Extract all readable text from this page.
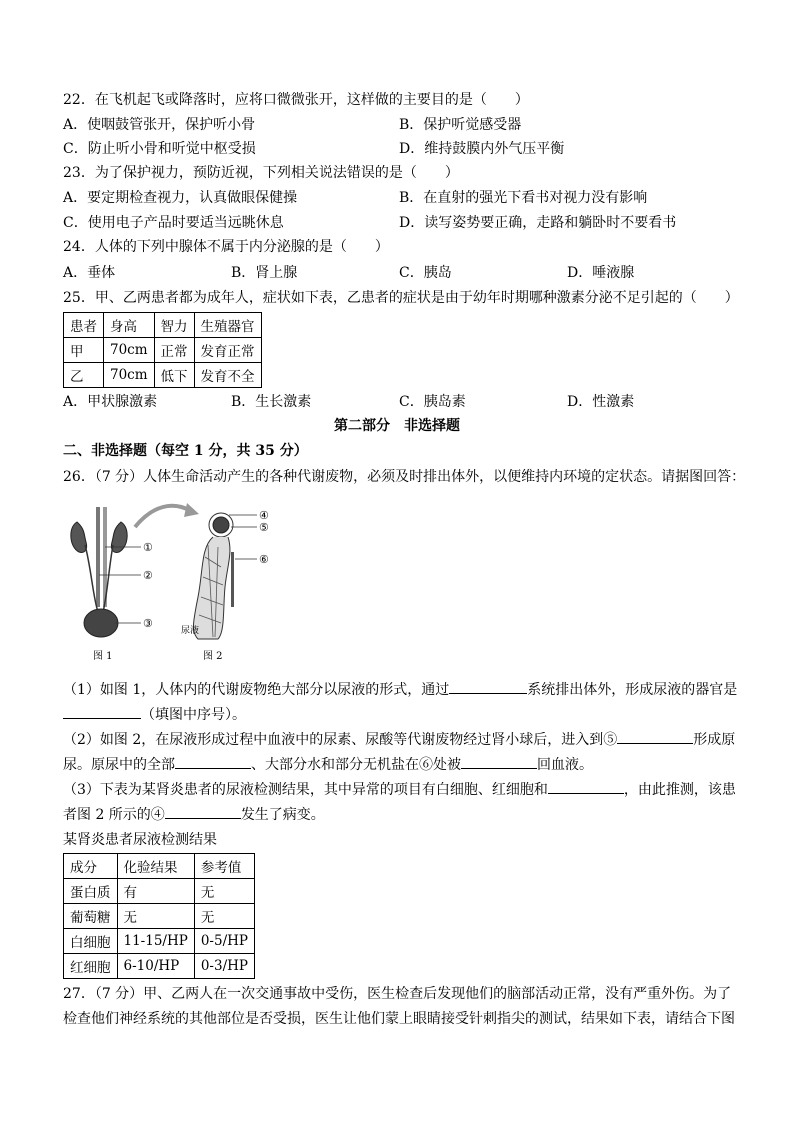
22．在飞机起飞或降落时，应将口微微张开，这样做的主要目的是（　　）
A．使咽鼓管张开，保护听小骨	B．保护听觉感受器
C．防止听小骨和听觉中枢受损	D．维持鼓膜内外气压平衡
23．为了保护视力，预防近视，下列相关说法错误的是（　　）
A．要定期检查视力，认真做眼保健操	B．在直射的强光下看书对视力没有影响
C．使用电子产品时要适当远眺休息	D．读写姿势要正确，走路和躺卧时不要看书
24．人体的下列中腺体不属于内分泌腺的是（　　）
A．垂体	B．肾上腺	C．胰岛	D．唾液腺
25．甲、乙两患者都为成年人，症状如下表，乙患者的症状是由于幼年时期哪种激素分泌不足引起的（　　）
患者	身高	智力	生殖器官
甲	70cm	正常	发育正常
乙	70cm	低下	发育不全
A．甲状腺激素	B．生长激素	C．胰岛素	D．性激素
第二部分　非选择题
二、非选择题（每空 1 分，共 35 分）
26．（7 分）人体生命活动产生的各种代谢废物，必须及时排出体外，以便维持内环境的定状态。请据图回答：
①
②
③
④
⑤
⑥
尿液
图 1	图 2
（1）如图 1，人体内的代谢废物绝大部分以尿液的形式，通过	系统排出体外，形成尿液的器官是
（填图中序号）。
（2）如图 2，在尿液形成过程中血液中的尿素、尿酸等代谢废物经过肾小球后，进入到⑤	形成原
尿。原尿中的全部	、大部分水和部分无机盐在⑥处被	回血液。
（3）下表为某肾炎患者的尿液检测结果，其中异常的项目有白细胞、红细胞和	，由此推测，该患
者图 2 所示的④	发生了病变。
某肾炎患者尿液检测结果
成分	化验结果	参考值
蛋白质	有	无
葡萄糖	无	无
白细胞	11-15/HP	0-5/HP
红细胞	6-10/HP	0-3/HP
27．（7 分）甲、乙两人在一次交通事故中受伤，医生检查后发现他们的脑部活动正常，没有严重外伤。为了
检查他们神经系统的其他部位是否受损，医生让他们蒙上眼睛接受针刺指尖的测试，结果如下表，请结合下图
